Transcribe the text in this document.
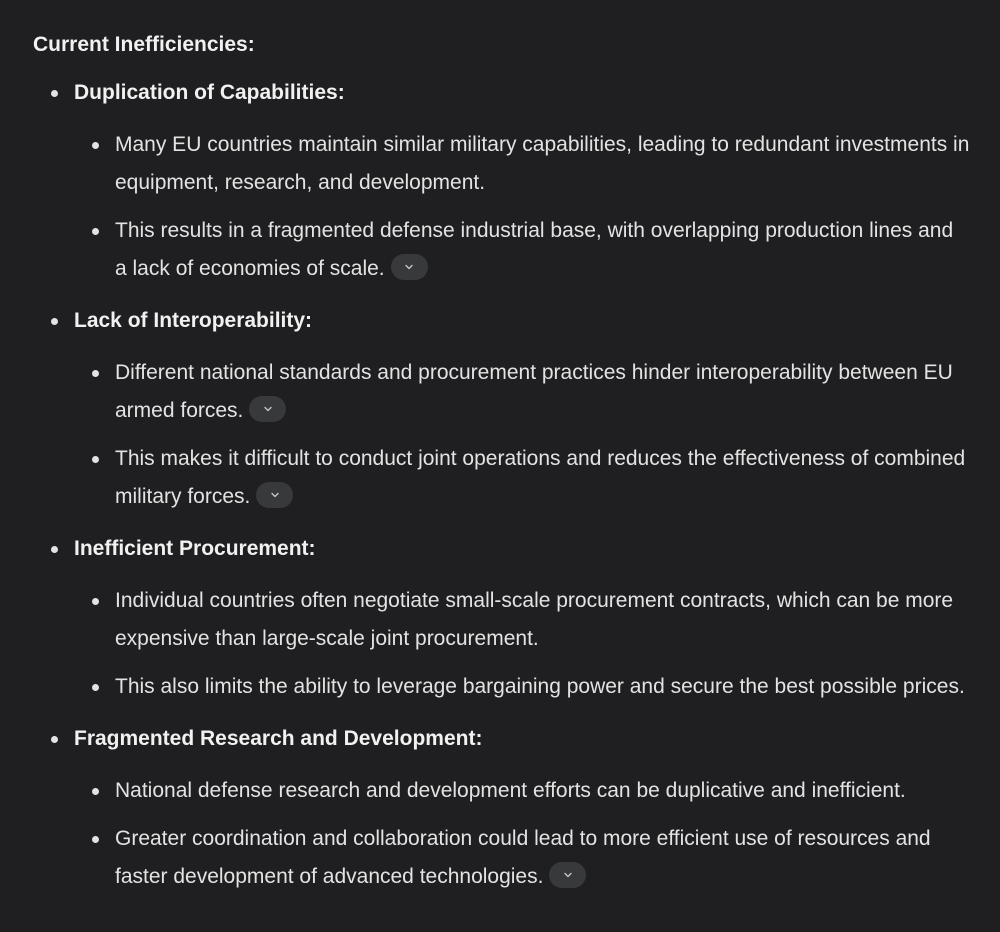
Current Inefficiencies:
Duplication of Capabilities:
Many EU countries maintain similar military capabilities, leading to redundant investments in equipment, research, and development.
This results in a fragmented defense industrial base, with overlapping production lines and a lack of economies of scale.
Lack of Interoperability:
Different national standards and procurement practices hinder interoperability between EU armed forces.
This makes it difficult to conduct joint operations and reduces the effectiveness of combined military forces.
Inefficient Procurement:
Individual countries often negotiate small-scale procurement contracts, which can be more expensive than large-scale joint procurement.
This also limits the ability to leverage bargaining power and secure the best possible prices.
Fragmented Research and Development:
National defense research and development efforts can be duplicative and inefficient.
Greater coordination and collaboration could lead to more efficient use of resources and faster development of advanced technologies.
